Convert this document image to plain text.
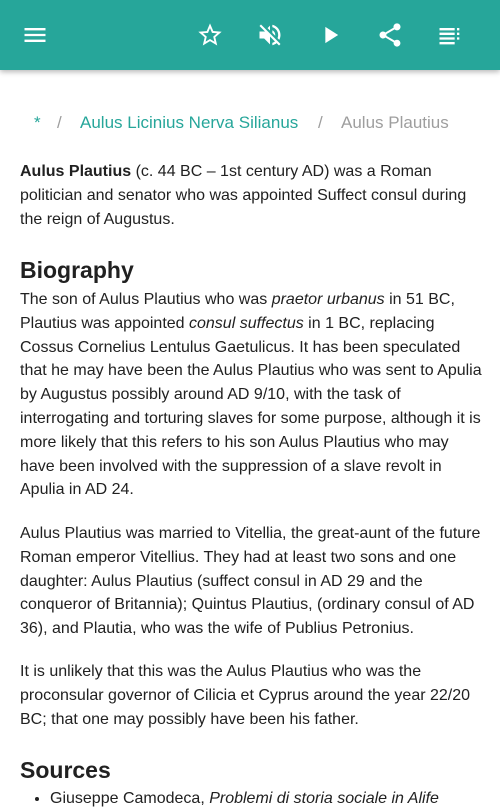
* / Aulus Licinius Nerva Silianus / Aulus Plautius

Aulus Plautius (c. 44 BC – 1st century AD) was a Roman politician and senator who was appointed Suffect consul during the reign of Augustus.

Biography

The son of Aulus Plautius who was praetor urbanus in 51 BC, Plautius was appointed consul suffectus in 1 BC, replacing Cossus Cornelius Lentulus Gaetulicus. It has been speculated that he may have been the Aulus Plautius who was sent to Apulia by Augustus possibly around AD 9/10, with the task of interrogating and torturing slaves for some purpose, although it is more likely that this refers to his son Aulus Plautius who may have been involved with the suppression of a slave revolt in Apulia in AD 24.

Aulus Plautius was married to Vitellia, the great-aunt of the future Roman emperor Vitellius. They had at least two sons and one daughter: Aulus Plautius (suffect consul in AD 29 and the conqueror of Britannia); Quintus Plautius, (ordinary consul of AD 36), and Plautia, who was the wife of Publius Petronius.

It is unlikely that this was the Aulus Plautius who was the proconsular governor of Cilicia et Cyprus around the year 22/20 BC; that one may possibly have been his father.

Sources
• Giuseppe Camodeca, Problemi di storia sociale in Alife
